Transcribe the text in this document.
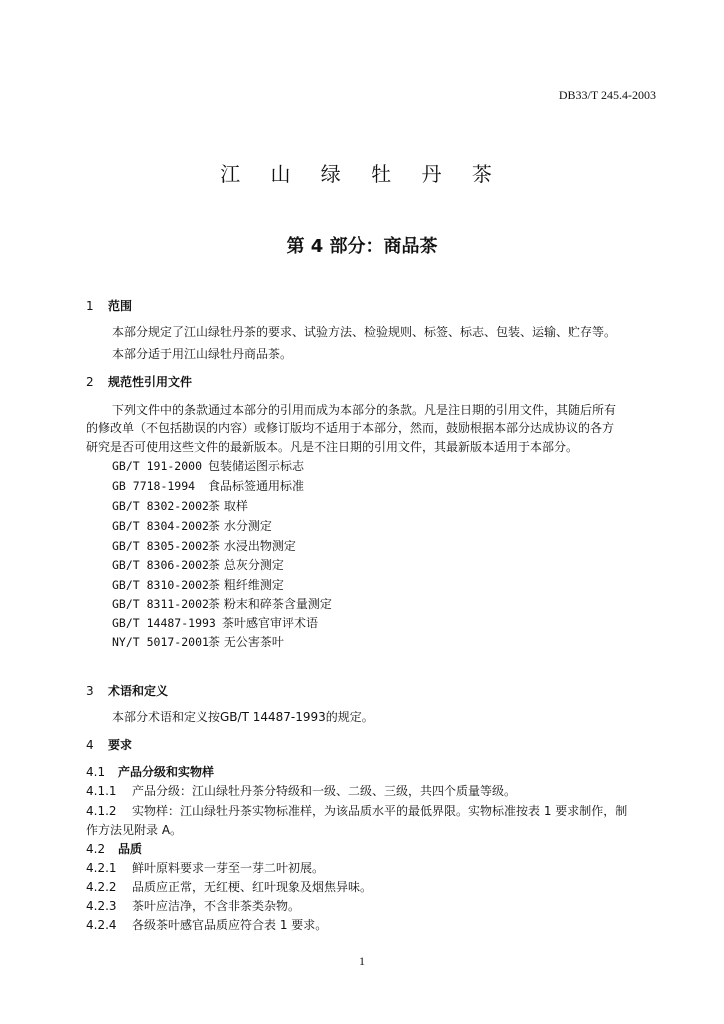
DB33/T 245.4-2003
江 山 绿 牡 丹 茶
第 4 部分：商品茶
1 范围
本部分规定了江山绿牡丹茶的要求、试验方法、检验规则、标签、标志、包装、运输、贮存等。
本部分适于用江山绿牡丹商品茶。
2 规范性引用文件
下列文件中的条款通过本部分的引用而成为本部分的条款。凡是注日期的引用文件，其随后所有
的修改单（不包括勘误的内容）或修订版均不适用于本部分，然而，鼓励根据本部分达成协议的各方
研究是否可使用这些文件的最新版本。凡是不注日期的引用文件，其最新版本适用于本部分。
GB/T 191-2000 包装储运图示标志
GB 7718-1994 食品标签通用标准
GB/T 8302-2002茶 取样
GB/T 8304-2002茶 水分测定
GB/T 8305-2002茶 水浸出物测定
GB/T 8306-2002茶 总灰分测定
GB/T 8310-2002茶 粗纤维测定
GB/T 8311-2002茶 粉末和碎茶含量测定
GB/T 14487-1993 茶叶感官审评术语
NY/T 5017-2001茶 无公害茶叶
3 术语和定义
本部分术语和定义按GB/T 14487-1993的规定。
4 要求
4.1 产品分级和实物样
4.1.1 产品分级：江山绿牡丹茶分特级和一级、二级、三级，共四个质量等级。
4.1.2 实物样：江山绿牡丹茶实物标准样，为该品质水平的最低界限。实物标准按表 1 要求制作，制
作方法见附录 A。
4.2 品质
4.2.1 鲜叶原料要求一芽至一芽二叶初展。
4.2.2 品质应正常，无红梗、红叶现象及烟焦异味。
4.2.3 茶叶应洁净，不含非茶类杂物。
4.2.4 各级茶叶感官品质应符合表 1 要求。
1
